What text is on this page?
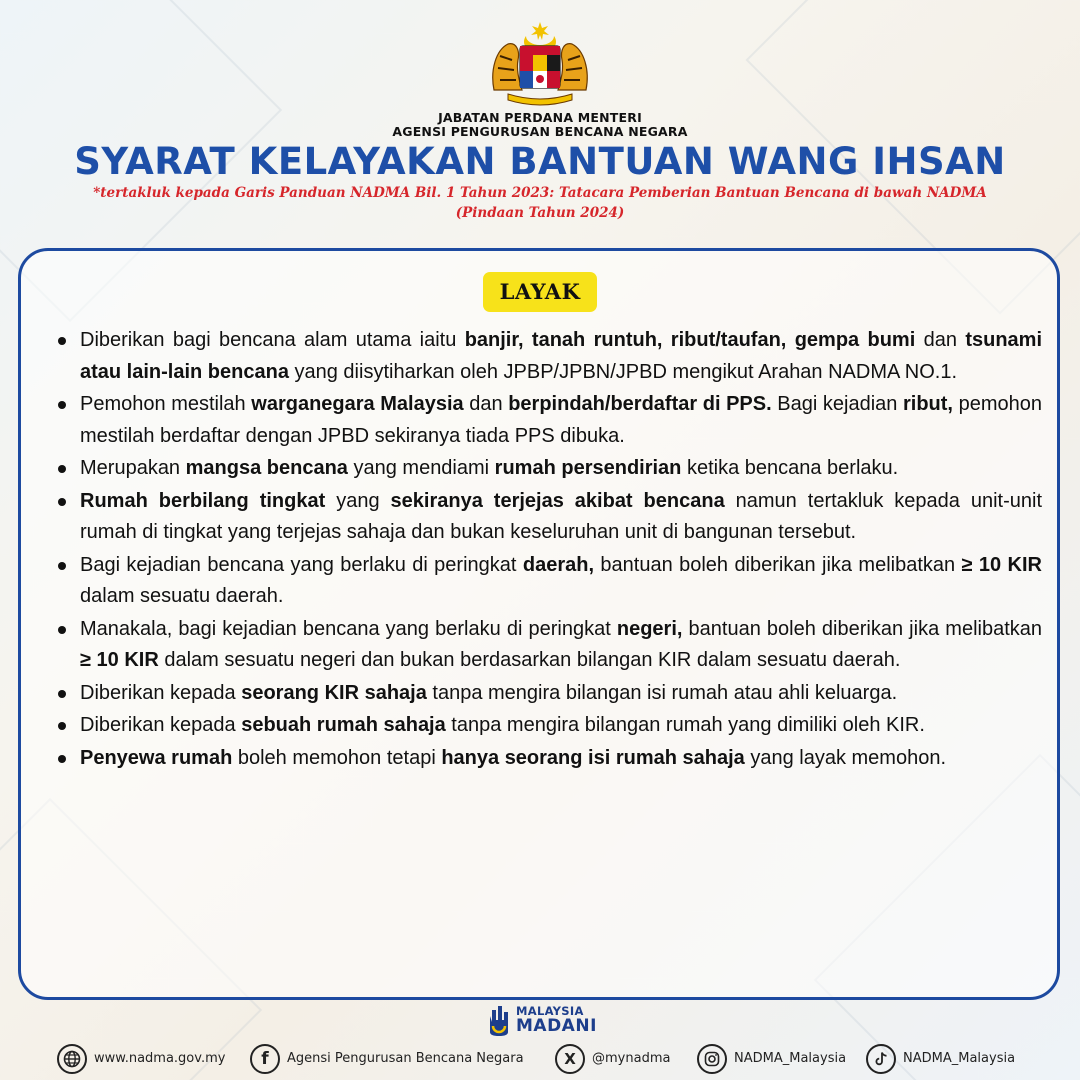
JABATAN PERDANA MENTERI
AGENSI PENGURUSAN BENCANA NEGARA
SYARAT KELAYAKAN BANTUAN WANG IHSAN
*tertakluk kepada Garis Panduan NADMA Bil. 1 Tahun 2023: Tatacara Pemberian Bantuan Bencana di bawah NADMA
(Pindaan Tahun 2024)
LAYAK
Diberikan bagi bencana alam utama iaitu banjir, tanah runtuh, ribut/taufan, gempa bumi dan tsunami atau lain-lain bencana yang diisytiharkan oleh JPBP/JPBN/JPBD mengikut Arahan NADMA NO.1.
Pemohon mestilah warganegara Malaysia dan berpindah/berdaftar di PPS. Bagi kejadian ribut, pemohon mestilah berdaftar dengan JPBD sekiranya tiada PPS dibuka.
Merupakan mangsa bencana yang mendiami rumah persendirian ketika bencana berlaku.
Rumah berbilang tingkat yang sekiranya terjejas akibat bencana namun tertakluk kepada unit-unit rumah di tingkat yang terjejas sahaja dan bukan keseluruhan unit di bangunan tersebut.
Bagi kejadian bencana yang berlaku di peringkat daerah, bantuan boleh diberikan jika melibatkan ≥ 10 KIR dalam sesuatu daerah.
Manakala, bagi kejadian bencana yang berlaku di peringkat negeri, bantuan boleh diberikan jika melibatkan ≥ 10 KIR dalam sesuatu negeri dan bukan berdasarkan bilangan KIR dalam sesuatu daerah.
Diberikan kepada seorang KIR sahaja tanpa mengira bilangan isi rumah atau ahli keluarga.
Diberikan kepada sebuah rumah sahaja tanpa mengira bilangan rumah yang dimiliki oleh KIR.
Penyewa rumah boleh memohon tetapi hanya seorang isi rumah sahaja yang layak memohon.
MALAYSIA
MADANI
www.nadma.gov.my f Agensi Pengurusan Bencana Negara	X @mynadma	NADMA_Malaysia	NADMA_Malaysia
